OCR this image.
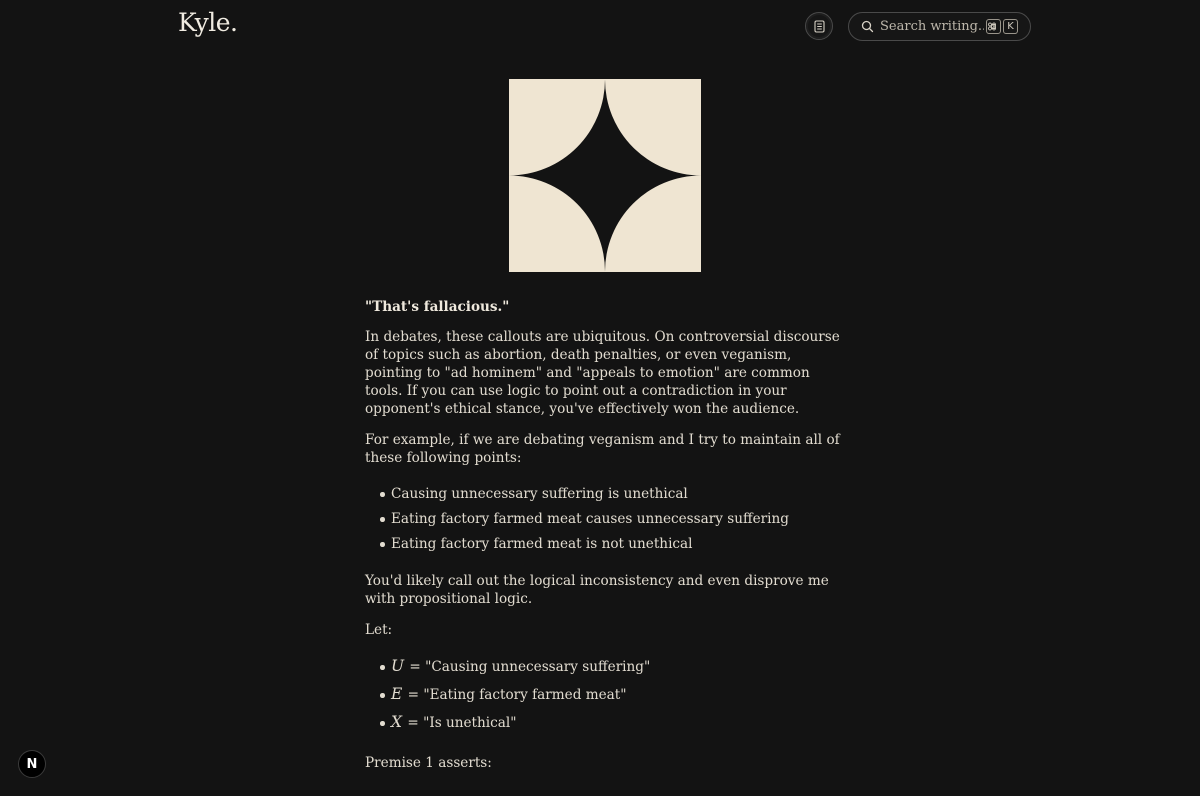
Kyle.
Search writing...	K

"That's fallacious."

In debates, these callouts are ubiquitous. On controversial discourse of topics such as abortion, death penalties, or even veganism, pointing to "ad hominem" and "appeals to emotion" are common tools. If you can use logic to point out a contradiction in your opponent's ethical stance, you've effectively won the audience.

For example, if we are debating veganism and I try to maintain all of these following points:

Causing unnecessary suffering is unethical
Eating factory farmed meat causes unnecessary suffering
Eating factory farmed meat is not unethical

You'd likely call out the logical inconsistency and even disprove me with propositional logic.

Let:

U = "Causing unnecessary suffering"
E = "Eating factory farmed meat"
X = "Is unethical"

Premise 1 asserts:

N
